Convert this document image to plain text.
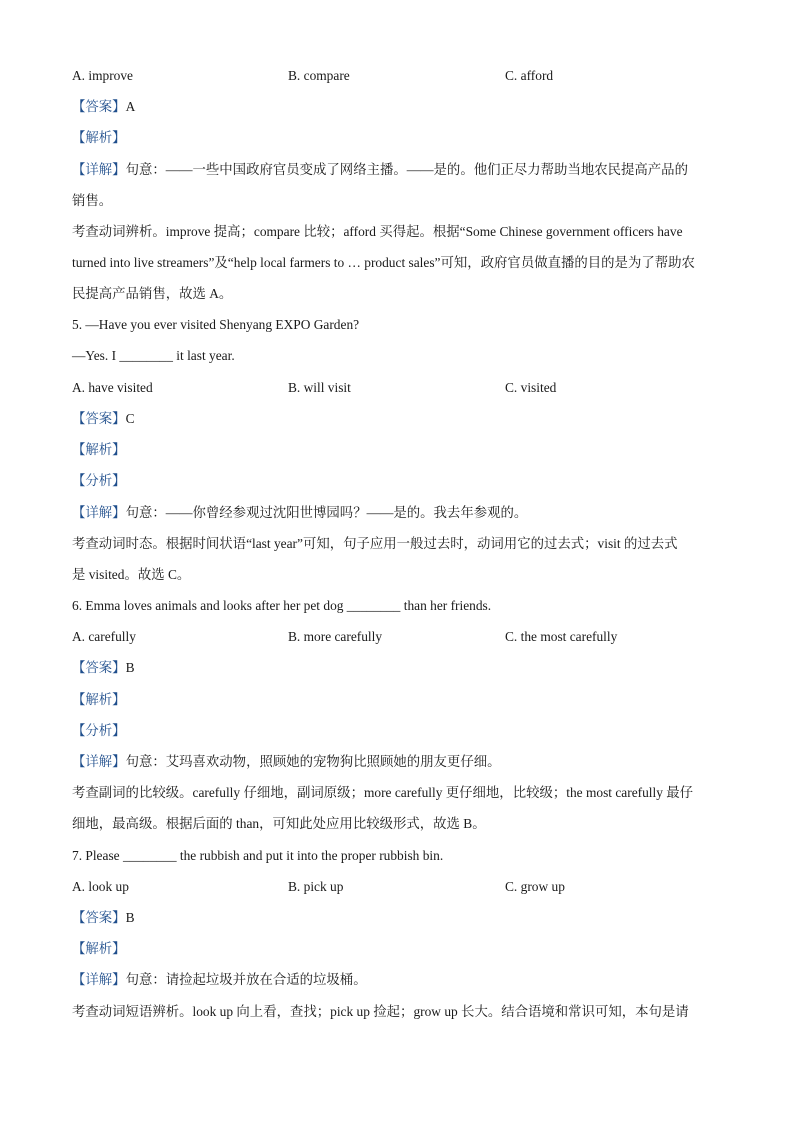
A. improve	B. compare	C. afford
【答案】A
【解析】
【详解】句意：——一些中国政府官员变成了网络主播。——是的。他们正尽力帮助当地农民提高产品的
销售。
考查动词辨析。improve 提高；compare 比较；afford 买得起。根据“Some Chinese government officers have
turned into live streamers”及“help local farmers to … product sales”可知，政府官员做直播的目的是为了帮助农
民提高产品销售，故选 A。
5. —Have you ever visited Shenyang EXPO Garden?
—Yes. I ________ it last year.
A. have visited	B. will visit	C. visited
【答案】C
【解析】
【分析】
【详解】句意：——你曾经参观过沈阳世博园吗？——是的。我去年参观的。
考查动词时态。根据时间状语“last year”可知，句子应用一般过去时，动词用它的过去式；visit 的过去式
是 visited。故选 C。
6. Emma loves animals and looks after her pet dog ________ than her friends.
A. carefully	B. more carefully	C. the most carefully
【答案】B
【解析】
【分析】
【详解】句意：艾玛喜欢动物，照顾她的宠物狗比照顾她的朋友更仔细。
考查副词的比较级。carefully 仔细地，副词原级；more carefully 更仔细地，比较级；the most carefully 最仔
细地，最高级。根据后面的 than，可知此处应用比较级形式，故选 B。
7. Please ________ the rubbish and put it into the proper rubbish bin.
A. look up	B. pick up	C. grow up
【答案】B
【解析】
【详解】句意：请捡起垃圾并放在合适的垃圾桶。
考查动词短语辨析。look up 向上看，查找；pick up 捡起；grow up 长大。结合语境和常识可知，本句是请
